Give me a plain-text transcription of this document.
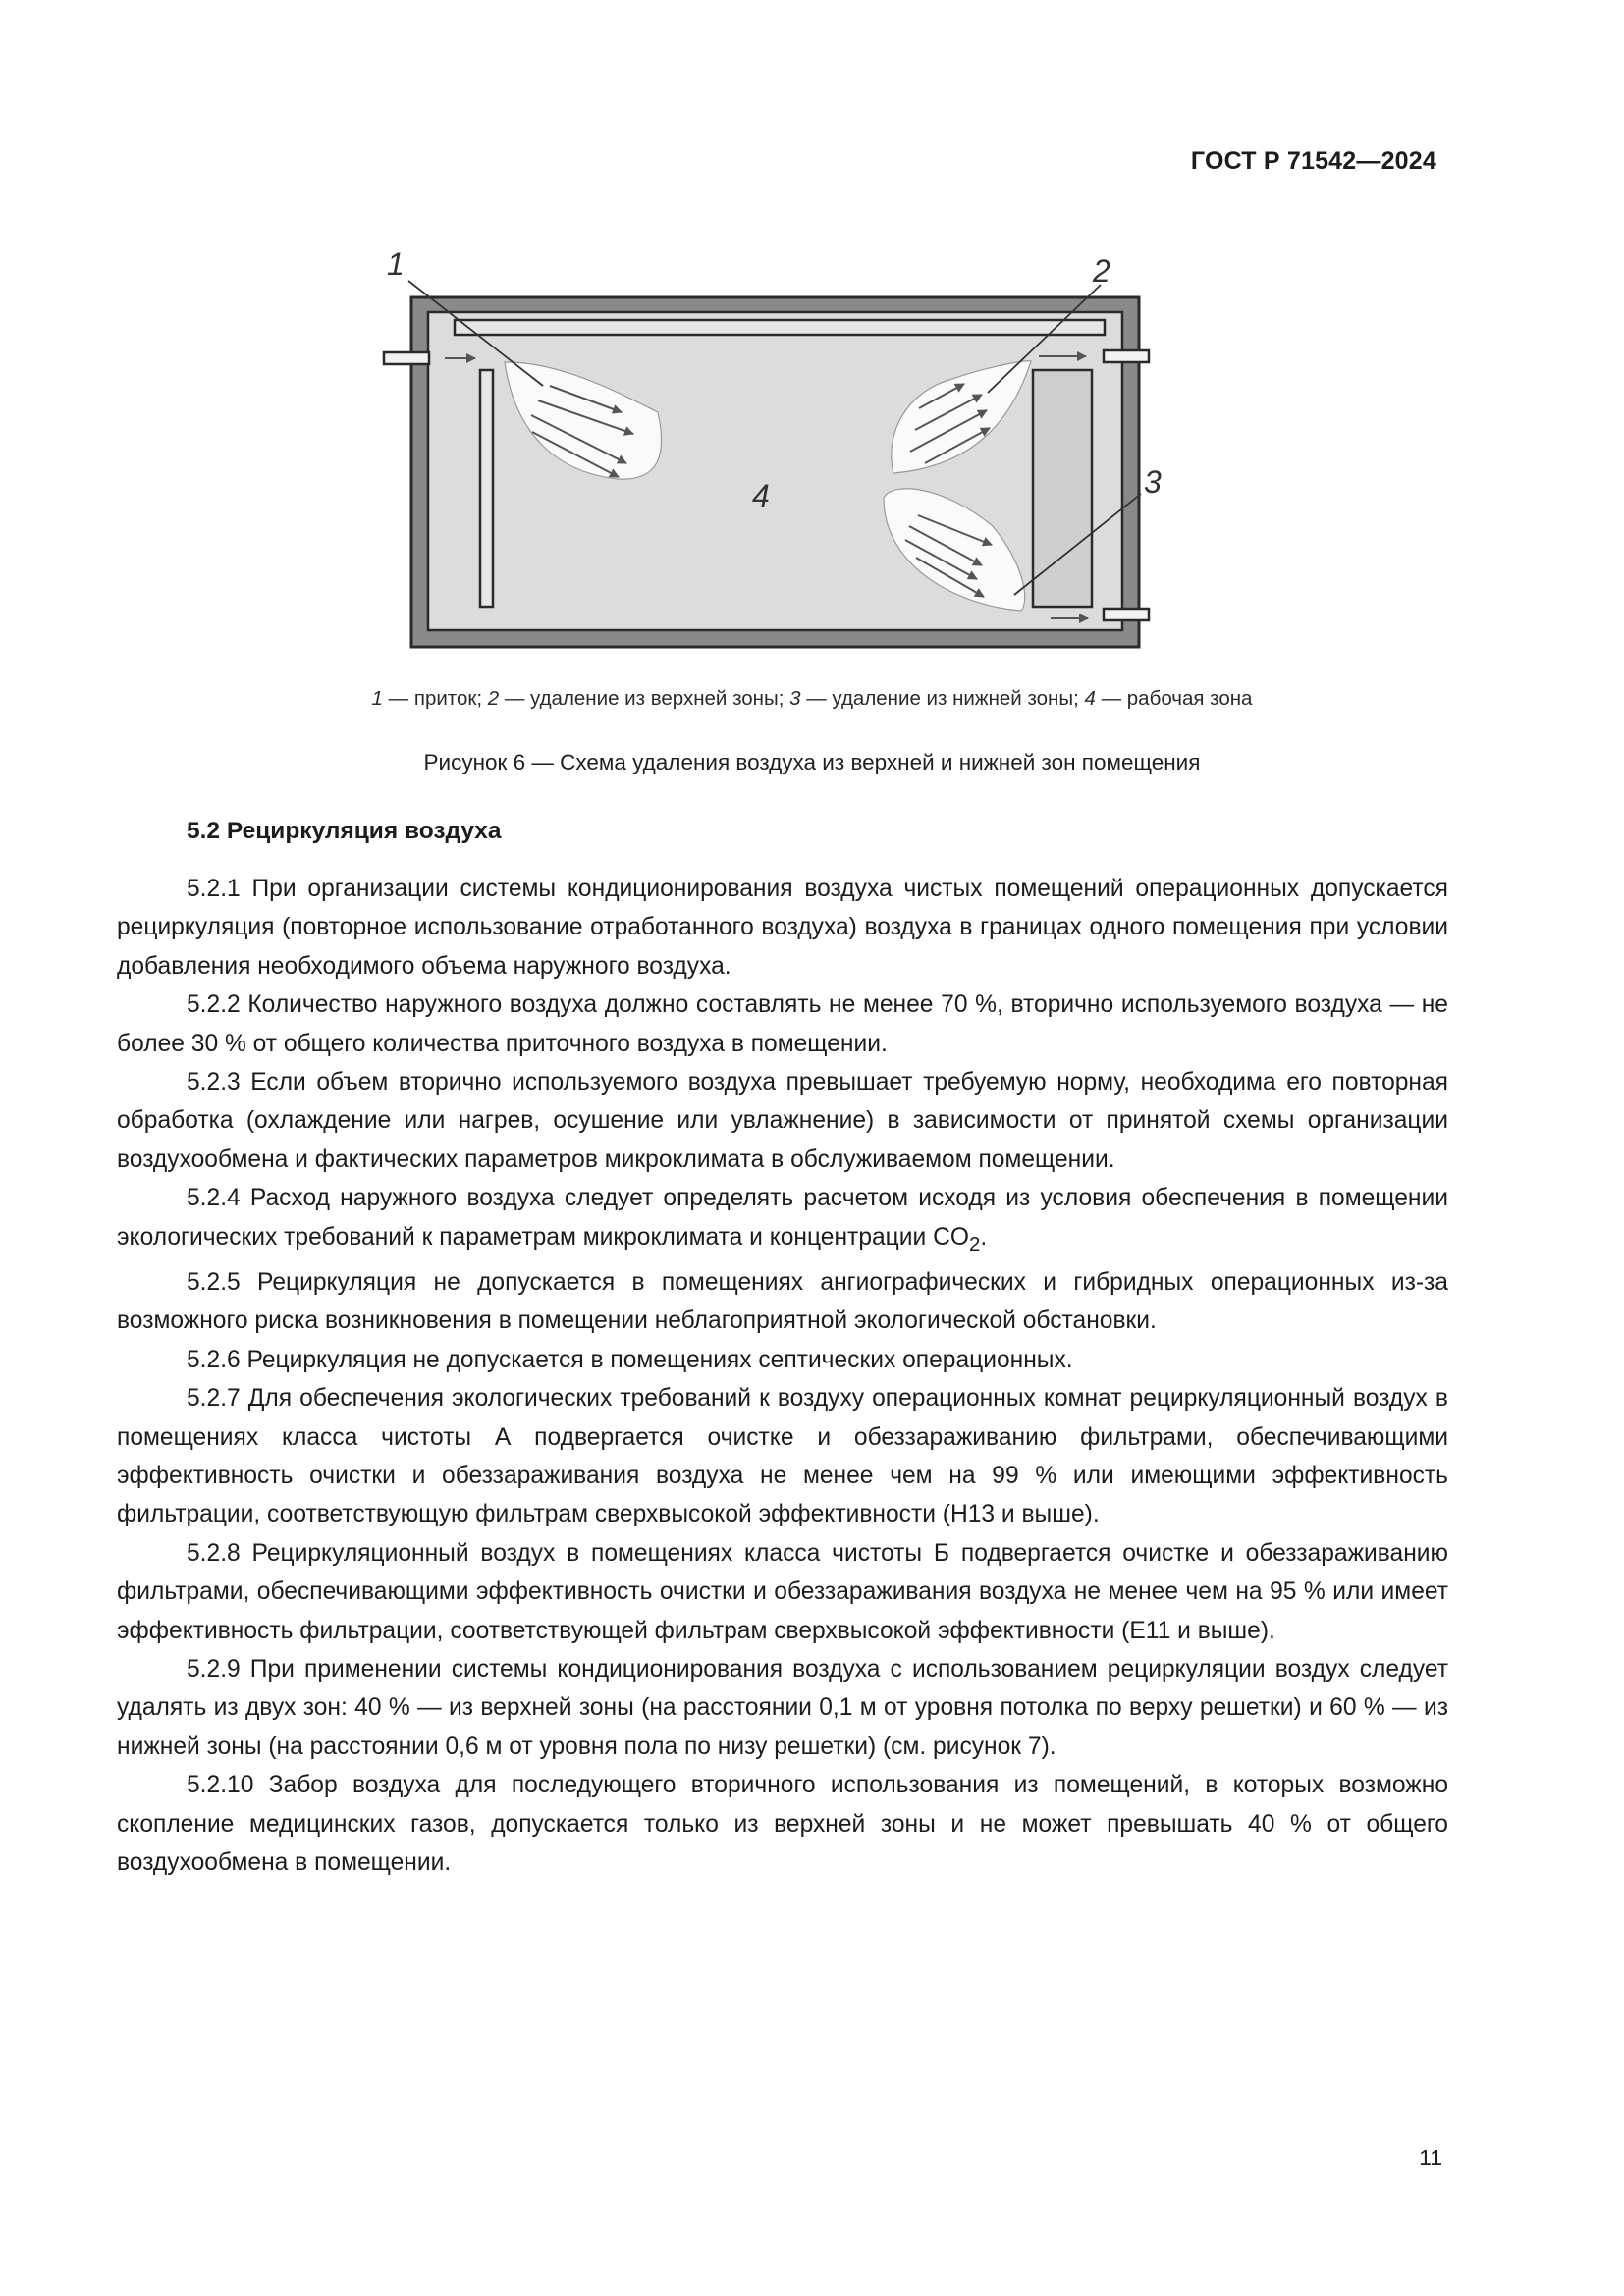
ГОСТ Р 71542—2024
1	2
3
4
1 — приток; 2 — удаление из верхней зоны; 3 — удаление из нижней зоны; 4 — рабочая зона
Рисунок 6 — Схема удаления воздуха из верхней и нижней зон помещения
5.2 Рециркуляция воздуха

5.2.1 При организации системы кондиционирования воздуха чистых помещений операционных допускается рециркуляция (повторное использование отработанного воздуха) воздуха в границах одного помещения при условии добавления необходимого объема наружного воздуха.

5.2.2 Количество наружного воздуха должно составлять не менее 70 %, вторично используемого воздуха — не более 30 % от общего количества приточного воздуха в помещении.

5.2.3 Если объем вторично используемого воздуха превышает требуемую норму, необходима его повторная обработка (охлаждение или нагрев, осушение или увлажнение) в зависимости от принятой схемы организации воздухообмена и фактических параметров микроклимата в обслуживаемом помещении.

5.2.4 Расход наружного воздуха следует определять расчетом исходя из условия обеспечения в помещении экологических требований к параметрам микроклимата и концентрации $CO_2$.

5.2.5 Рециркуляция не допускается в помещениях ангиографических и гибридных операционных из-за возможного риска возникновения в помещении неблагоприятной экологической обстановки.

5.2.6 Рециркуляция не допускается в помещениях септических операционных.

5.2.7 Для обеспечения экологических требований к воздуху операционных комнат рециркуляционный воздух в помещениях класса чистоты А подвергается очистке и обеззараживанию фильтрами, обеспечивающими эффективность очистки и обеззараживания воздуха не менее чем на 99 % или имеющими эффективность фильтрации, соответствующую фильтрам сверхвысокой эффективности (Н13 и выше).

5.2.8 Рециркуляционный воздух в помещениях класса чистоты Б подвергается очистке и обеззараживанию фильтрами, обеспечивающими эффективность очистки и обеззараживания воздуха не менее чем на 95 % или имеет эффективность фильтрации, соответствующей фильтрам сверхвысокой эффективности (Е11 и выше).

5.2.9 При применении системы кондиционирования воздуха с использованием рециркуляции воздух следует удалять из двух зон: 40 % — из верхней зоны (на расстоянии 0,1 м от уровня потолка по верху решетки) и 60 % — из нижней зоны (на расстоянии 0,6 м от уровня пола по низу решетки) (см. рисунок 7).

5.2.10 Забор воздуха для последующего вторичного использования из помещений, в которых возможно скопление медицинских газов, допускается только из верхней зоны и не может превышать 40 % от общего воздухообмена в помещении.

11
